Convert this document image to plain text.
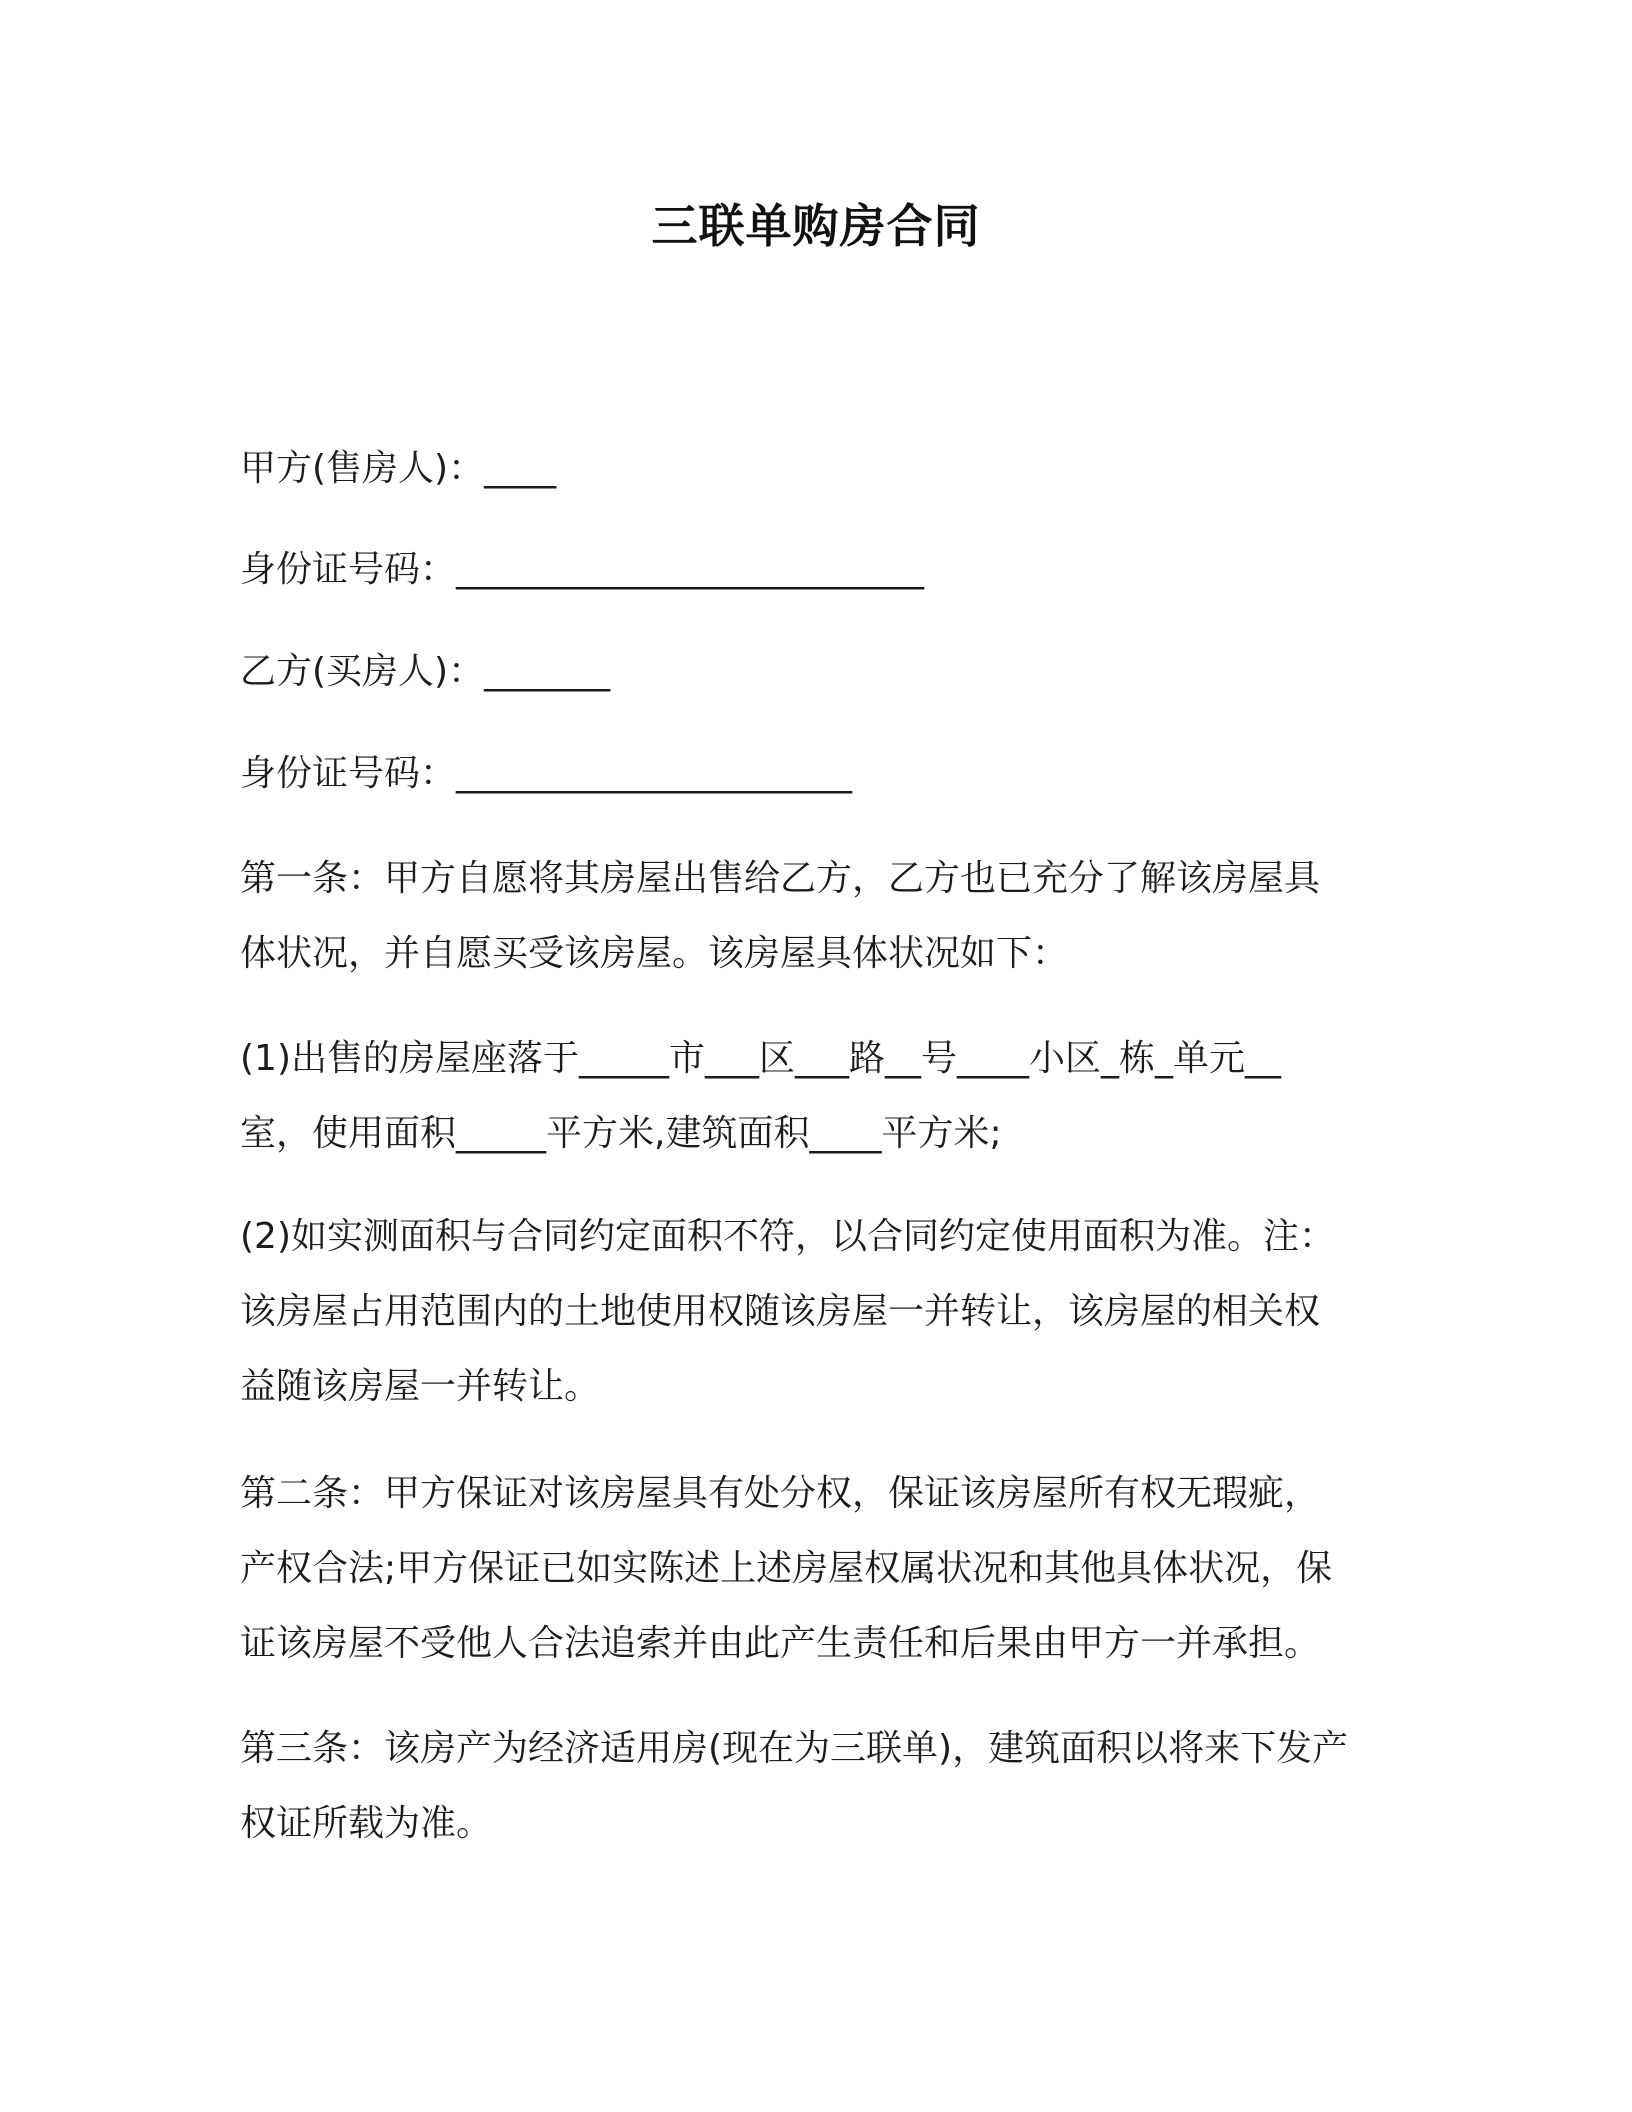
三联单购房合同
甲方(售房人)：____
身份证号码：__________________________
乙方(买房人)：_______
身份证号码：______________________
第一条：甲方自愿将其房屋出售给乙方，乙方也已充分了解该房屋具
体状况，并自愿买受该房屋。该房屋具体状况如下：
(1)出售的房屋座落于_____市___区___路__号____小区_栋_单元__
室，使用面积_____平方米,建筑面积____平方米;
(2)如实测面积与合同约定面积不符，以合同约定使用面积为准。注：
该房屋占用范围内的土地使用权随该房屋一并转让，该房屋的相关权
益随该房屋一并转让。
第二条：甲方保证对该房屋具有处分权，保证该房屋所有权无瑕疵，
产权合法;甲方保证已如实陈述上述房屋权属状况和其他具体状况，保
证该房屋不受他人合法追索并由此产生责任和后果由甲方一并承担。
第三条：该房产为经济适用房(现在为三联单)，建筑面积以将来下发产
权证所载为准。
